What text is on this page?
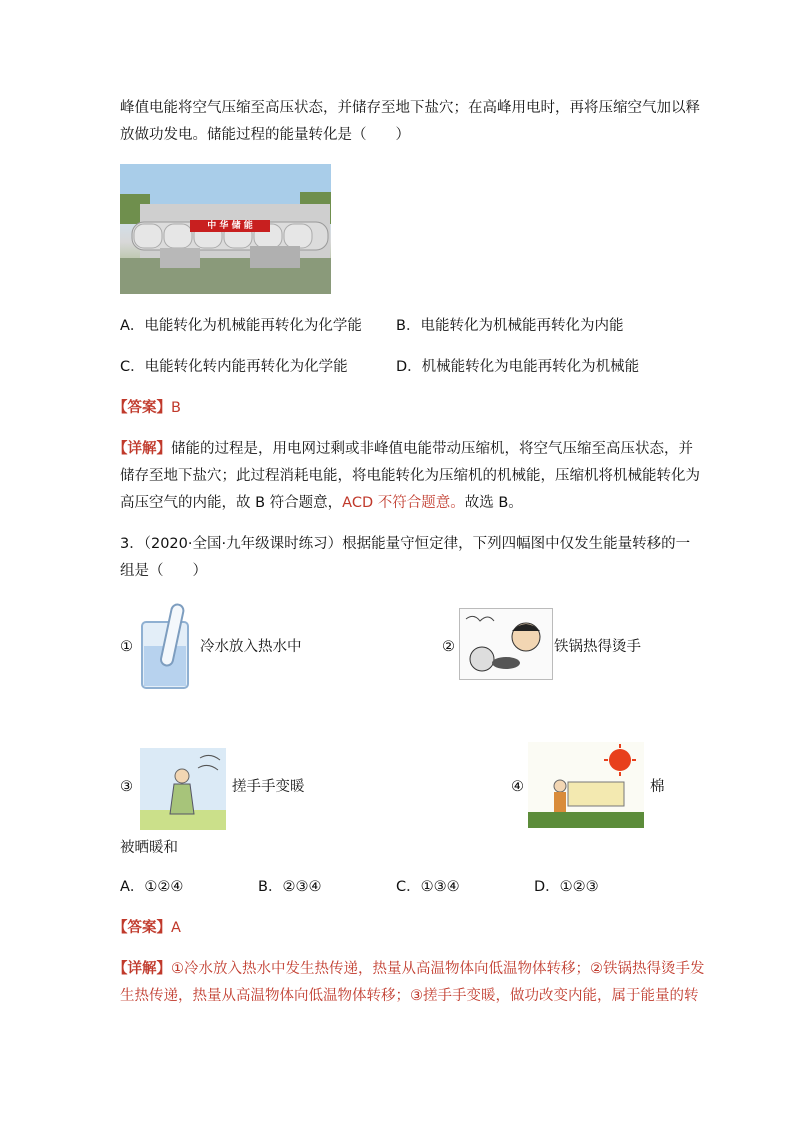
峰值电能将空气压缩至高压状态，并储存至地下盐穴；在高峰用电时，再将压缩空气加以释
放做功发电。储能过程的能量转化是（　　）
中 华 储 能
A．电能转化为机械能再转化为化学能 B．电能转化为机械能再转化为内能
C．电能转化转内能再转化为化学能	D．机械能转化为电能再转化为机械能
【答案】B
【详解】储能的过程是，用电网过剩或非峰值电能带动压缩机，将空气压缩至高压状态，并
储存至地下盐穴；此过程消耗电能，将电能转化为压缩机的机械能，压缩机将机械能转化为
高压空气的内能，故 B 符合题意，ACD 不符合题意。故选 B。
3．（2020·全国·九年级课时练习）根据能量守恒定律，下列四幅图中仅发生能量转移的一
组是（　　）
①	冷水放入热水中	②	铁锅热得烫手
③	搓手手变暖	④	棉
被晒暖和
A．①②④	B．②③④	C．①③④	D．①②③
【答案】A
【详解】①冷水放入热水中发生热传递，热量从高温物体向低温物体转移；②铁锅热得烫手发
生热传递，热量从高温物体向低温物体转移；③搓手手变暖，做功改变内能，属于能量的转
